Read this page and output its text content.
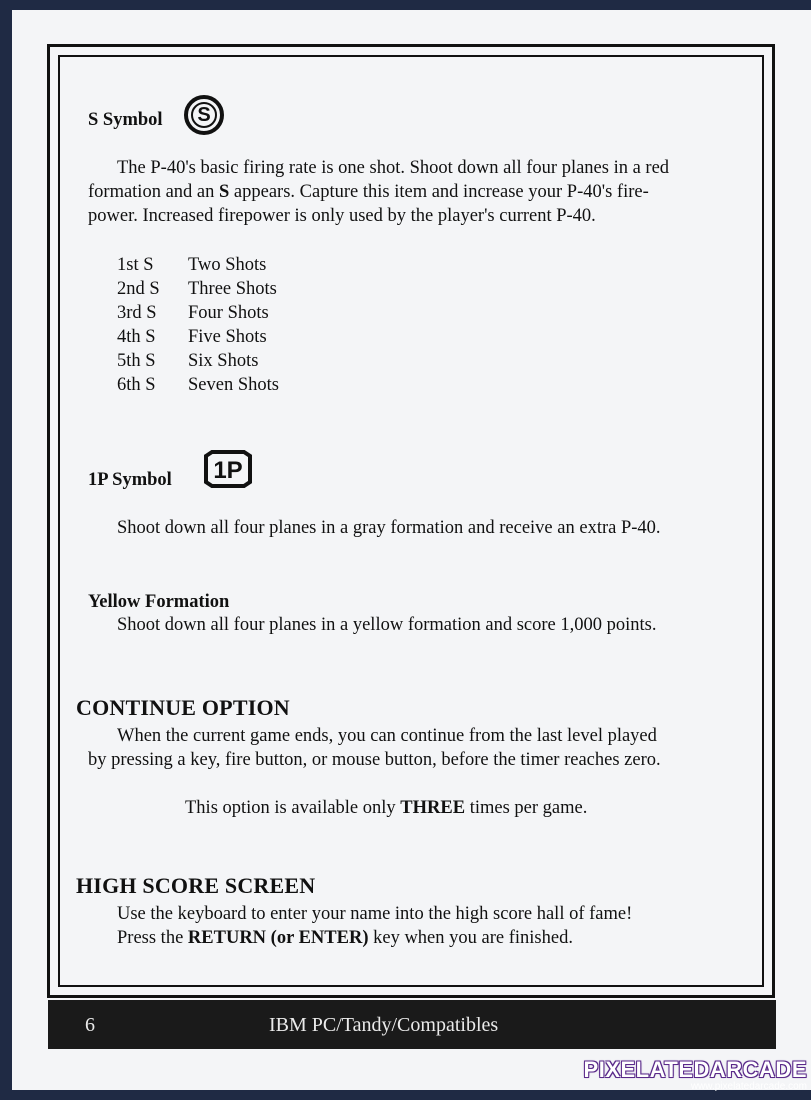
S Symbol	S
The P-40's basic firing rate is one shot. Shoot down all four planes in a red
formation and an S appears. Capture this item and increase your P-40's fire-
power. Increased firepower is only used by the player's current P-40.
1st S Two Shots
2nd S Three Shots
3rd S Four Shots
4th S Five Shots
5th S Six Shots
6th S Seven Shots
1P Symbol 1P
Shoot down all four planes in a gray formation and receive an extra P-40.
Yellow Formation
Shoot down all four planes in a yellow formation and score 1,000 points.
CONTINUE OPTION
When the current game ends, you can continue from the last level played
by pressing a key, fire button, or mouse button, before the timer reaches zero.
This option is available only THREE times per game.
HIGH SCORE SCREEN
Use the keyboard to enter your name into the high score hall of fame!
Press the RETURN (or ENTER) key when you are finished.
6	IBM PC/Tandy/Compatibles
PIXELATEDARCADE
www.pixelatedarcade.com
